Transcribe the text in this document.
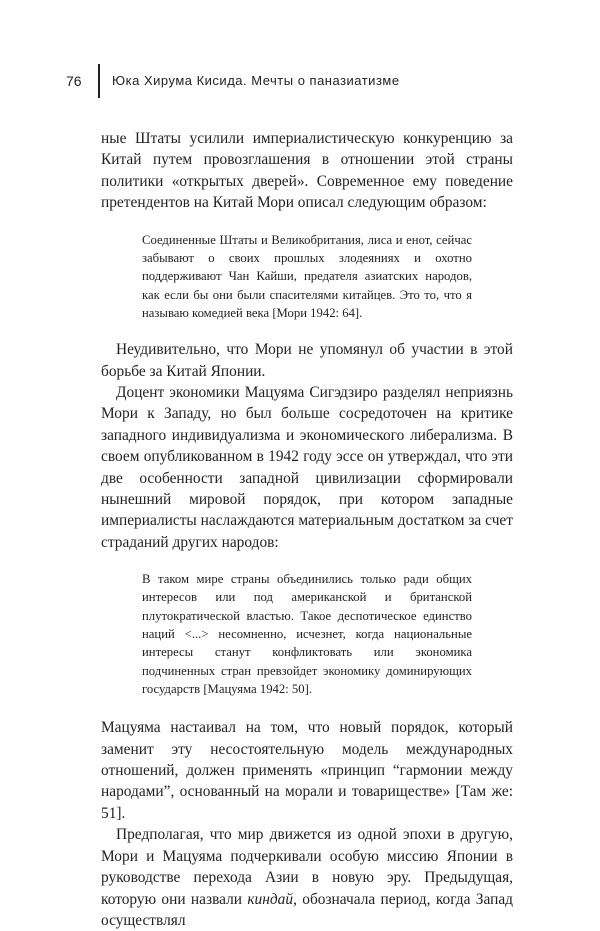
76 Юка Хирума Кисида. Мечты о паназиатизме

ные Штаты усилили империалистическую конкуренцию за Китай путем провозглашения в отношении этой страны политики «открытых дверей». Современное ему поведение претендентов на Китай Мори описал следующим образом:

Соединенные Штаты и Великобритания, лиса и енот, сейчас забывают о своих прошлых злодеяниях и охотно поддерживают Чан Кайши, предателя азиатских народов, как если бы они были спасителями китайцев. Это то, что я называю комедией века [Мори 1942: 64].

Неудивительно, что Мори не упомянул об участии в этой борьбе за Китай Японии.

Доцент экономики Мацуяма Сигэдзиро разделял неприязнь Мори к Западу, но был больше сосредоточен на критике западного индивидуализма и экономического либерализма. В своем опубликованном в 1942 году эссе он утверждал, что эти две особенности западной цивилизации сформировали нынешний мировой порядок, при котором западные империалисты наслаждаются материальным достатком за счет страданий других народов:

В таком мире страны объединились только ради общих интересов или под американской и британской плутократической властью. Такое деспотическое единство наций <...> несомненно, исчезнет, когда национальные интересы станут конфликтовать или экономика подчиненных стран превзойдет экономику доминирующих государств [Мацуяма 1942: 50].

Мацуяма настаивал на том, что новый порядок, который заменит эту несостоятельную модель международных отношений, должен применять «принцип “гармонии между народами”, основанный на морали и товариществе» [Там же: 51].

Предполагая, что мир движется из одной эпохи в другую, Мори и Мацуяма подчеркивали особую миссию Японии в руководстве перехода Азии в новую эру. Предыдущая, которую они назвали киндай, обозначала период, когда Запад осуществлял
